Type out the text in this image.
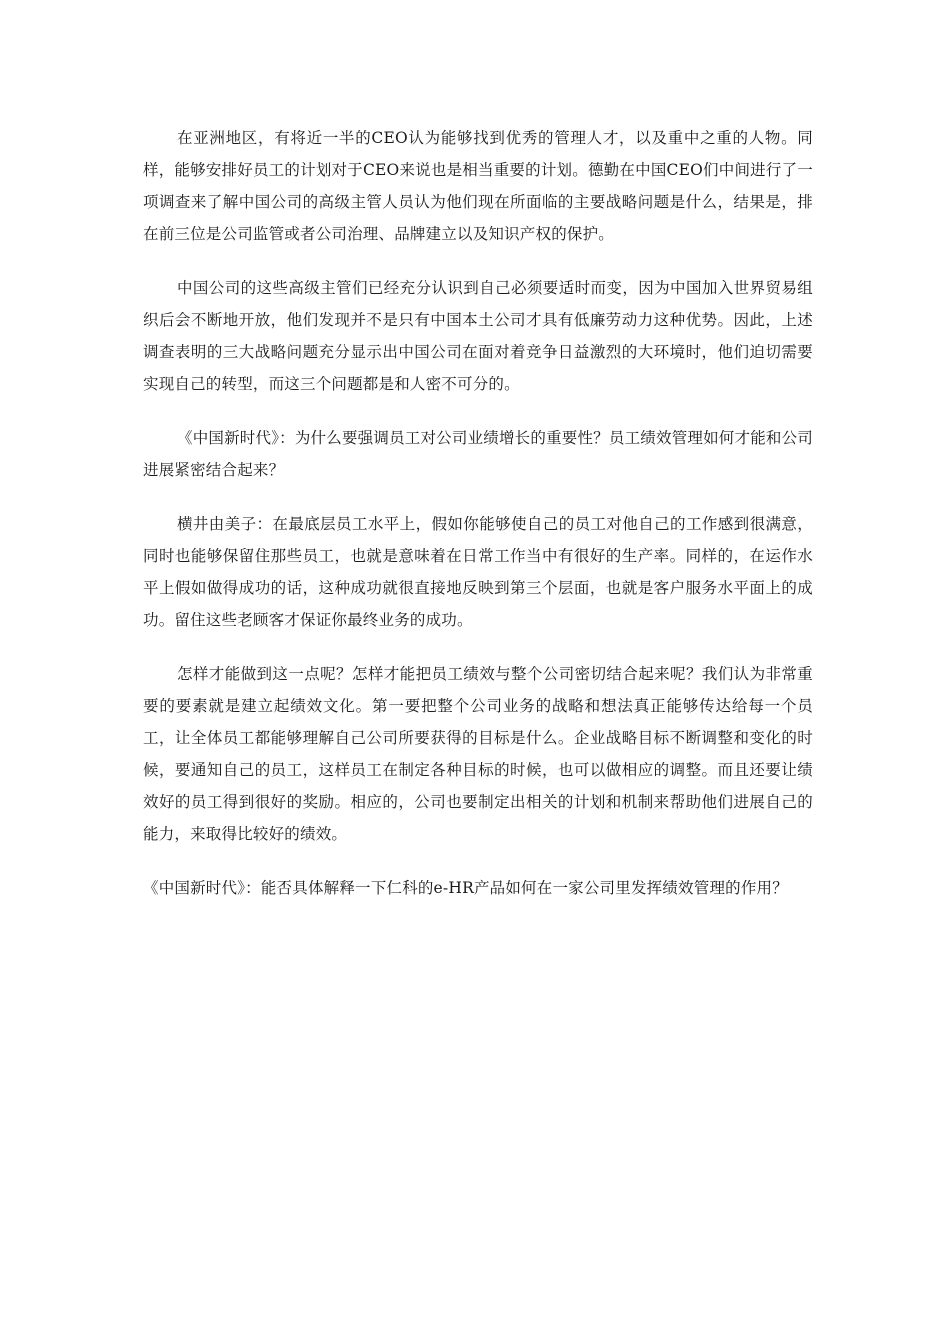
在亚洲地区，有将近一半的CEO认为能够找到优秀的管理人才，以及重中之重的人物。同样，能够安排好员工的计划对于CEO来说也是相当重要的计划。德勤在中国CEO们中间进行了一项调查来了解中国公司的高级主管人员认为他们现在所面临的主要战略问题是什么，结果是，排在前三位是公司监管或者公司治理、品牌建立以及知识产权的保护。

中国公司的这些高级主管们已经充分认识到自己必须要适时而变，因为中国加入世界贸易组织后会不断地开放，他们发现并不是只有中国本土公司才具有低廉劳动力这种优势。因此，上述调查表明的三大战略问题充分显示出中国公司在面对着竞争日益激烈的大环境时，他们迫切需要实现自己的转型，而这三个问题都是和人密不可分的。

《中国新时代》：为什么要强调员工对公司业绩增长的重要性？员工绩效管理如何才能和公司进展紧密结合起来？

横井由美子：在最底层员工水平上，假如你能够使自己的员工对他自己的工作感到很满意，同时也能够保留住那些员工，也就是意味着在日常工作当中有很好的生产率。同样的，在运作水平上假如做得成功的话，这种成功就很直接地反映到第三个层面，也就是客户服务水平面上的成功。留住这些老顾客才保证你最终业务的成功。

怎样才能做到这一点呢？怎样才能把员工绩效与整个公司密切结合起来呢？我们认为非常重要的要素就是建立起绩效文化。第一要把整个公司业务的战略和想法真正能够传达给每一个员工，让全体员工都能够理解自己公司所要获得的目标是什么。企业战略目标不断调整和变化的时候，要通知自己的员工，这样员工在制定各种目标的时候，也可以做相应的调整。而且还要让绩效好的员工得到很好的奖励。相应的，公司也要制定出相关的计划和机制来帮助他们进展自己的能力，来取得比较好的绩效。

《中国新时代》：能否具体解释一下仁科的e-HR产品如何在一家公司里发挥绩效管理的作用？
